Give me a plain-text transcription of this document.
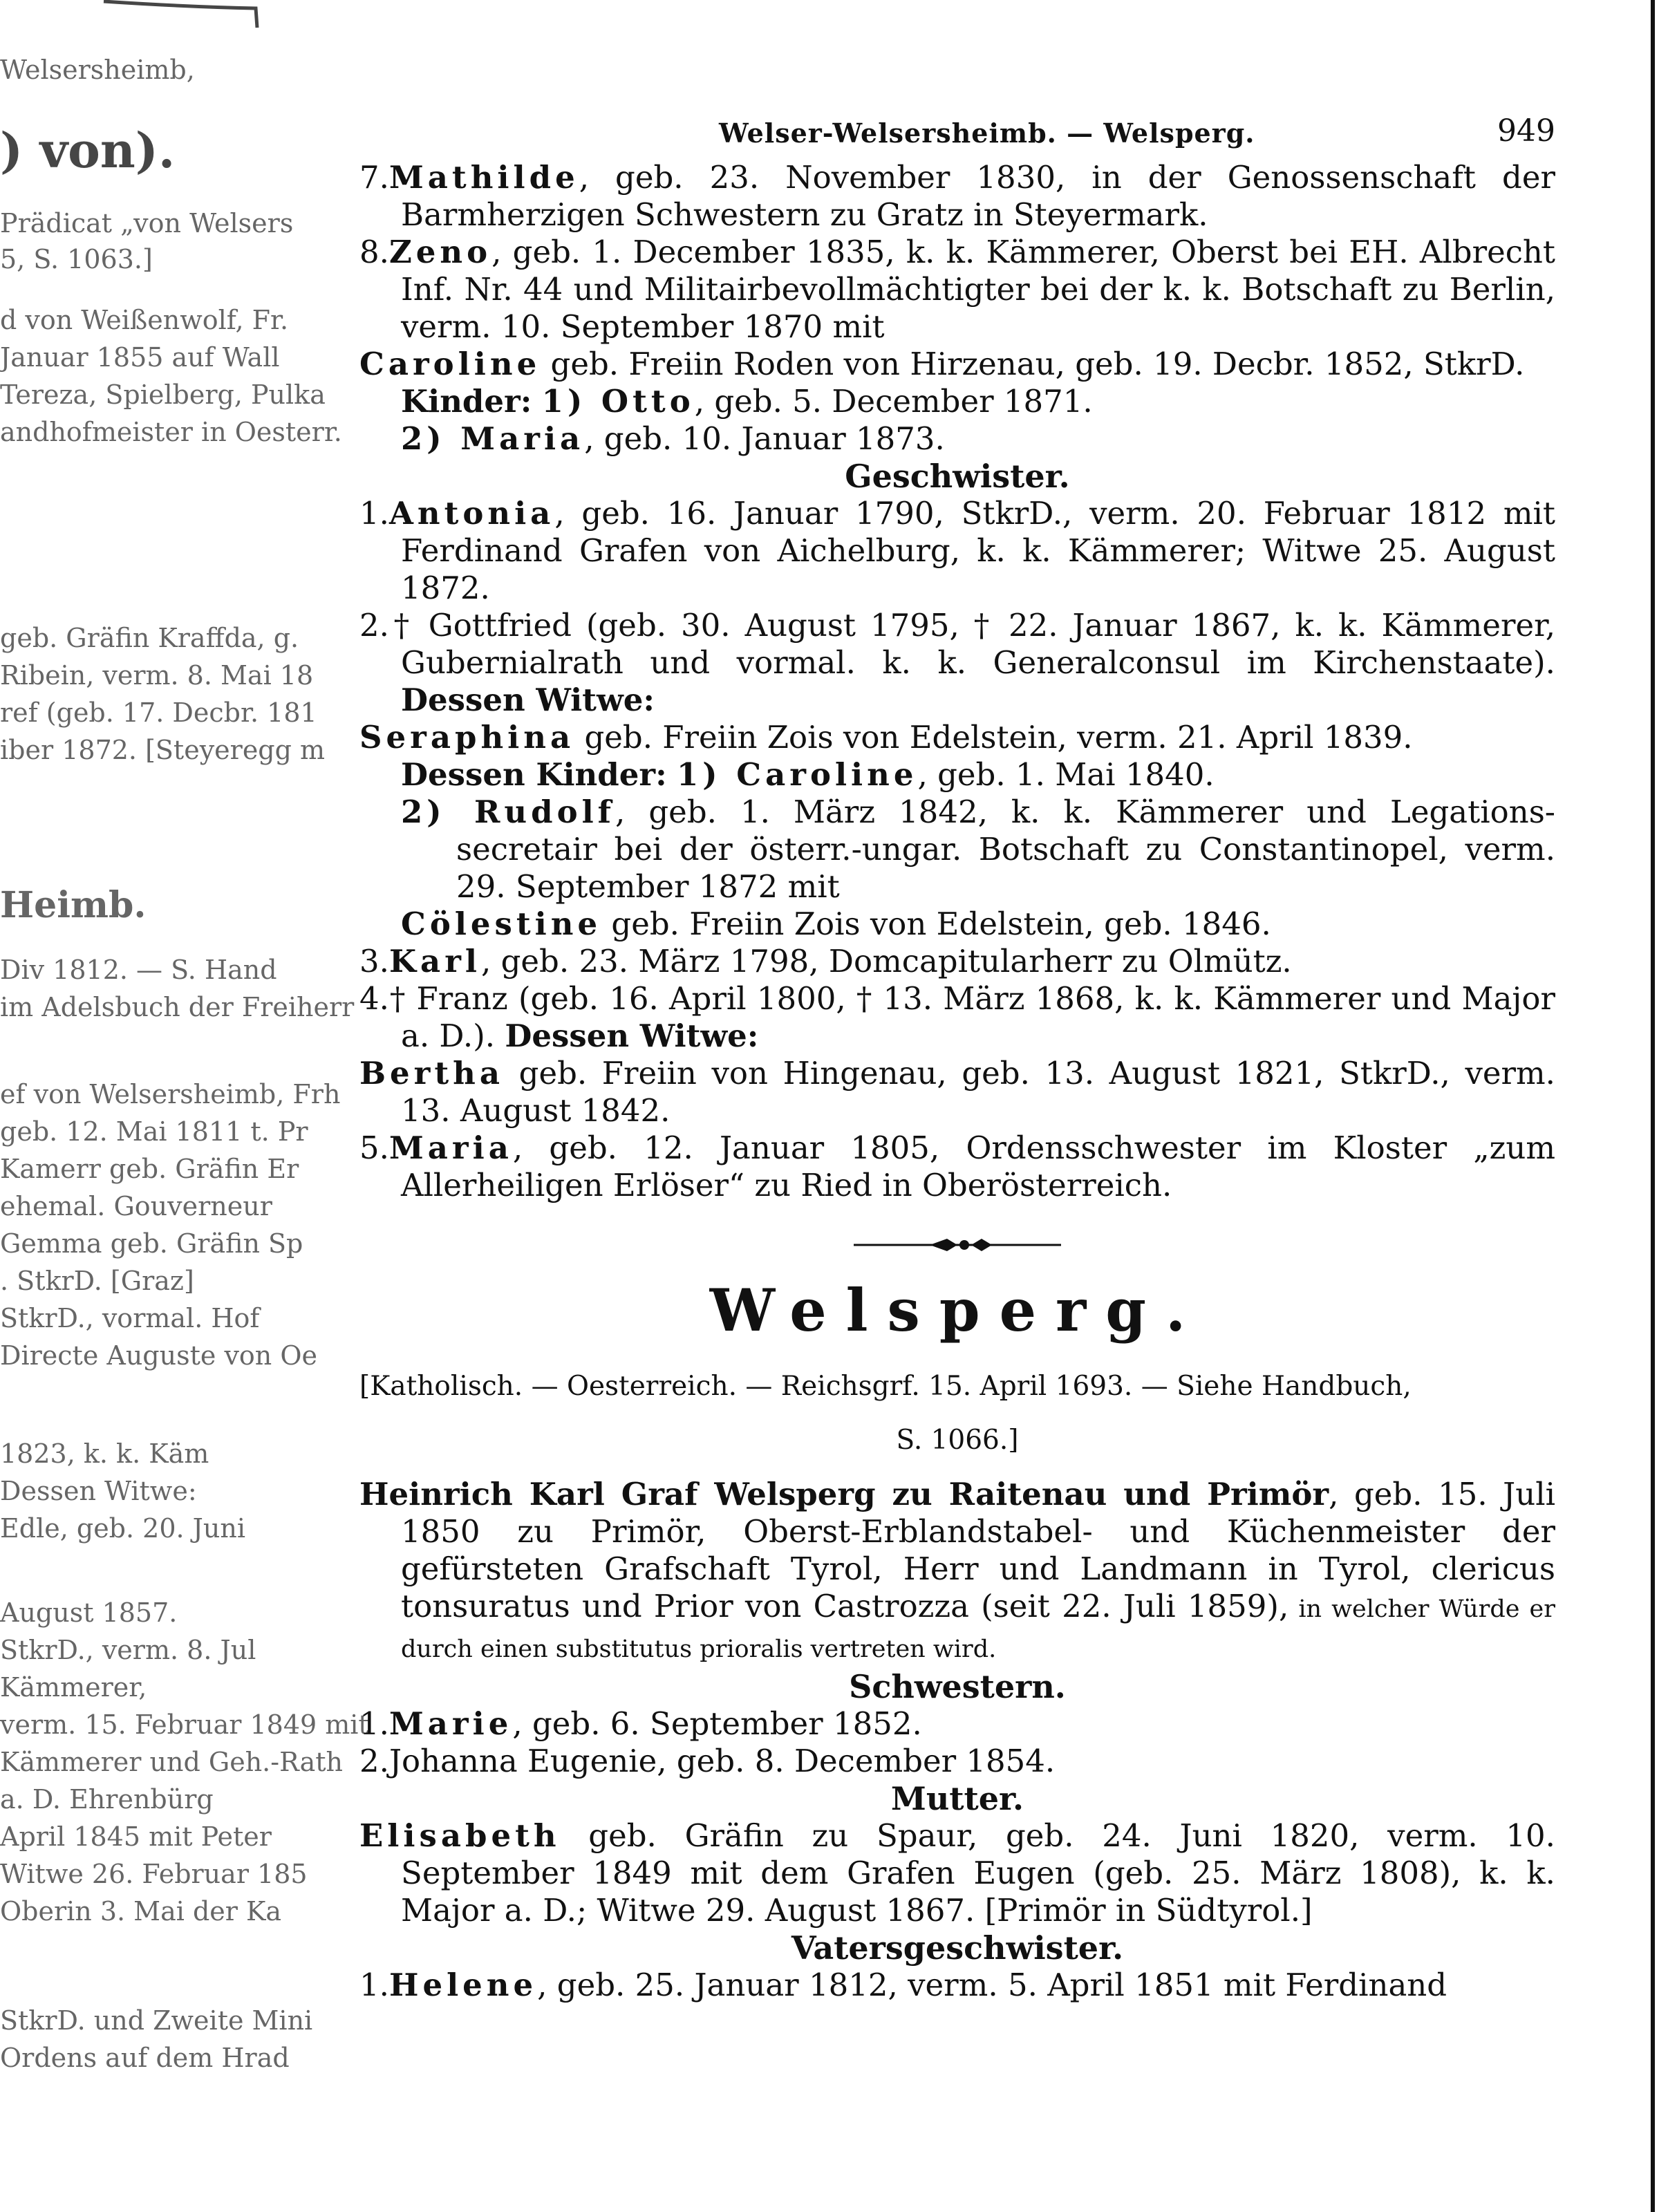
Welsersheimb,
) von).
Prädicat „von Welsers
5, S. 1063.]
d von Weißenwolf, Fr.
Januar 1855 auf Wall
Tereza, Spielberg, Pulka
andhofmeister in Oesterr.
geb. Gräfin Kraffda, g.
Ribein, verm. 8. Mai 18
ref (geb. 17. Decbr. 181
iber 1872. [Steyeregg m
Heimb.
Div 1812. — S. Hand
im Adelsbuch der Freiherr
ef von Welsersheimb, Frh
geb. 12. Mai 1811 t. Pr
Kamerr geb. Gräfin Er
ehemal. Gouverneur
Gemma geb. Gräfin Sp
. StkrD. [Graz]
StkrD., vormal. Hof
Directe Auguste von Oe
1823, k. k. Käm
Dessen Witwe:
Edle, geb. 20. Juni
August 1857.
StkrD., verm. 8. Jul
Kämmerer,
verm. 15. Februar 1849 mit
Kämmerer und Geh.-Rath
a. D. Ehrenbürg
April 1845 mit Peter
Witwe 26. Februar 185
Oberin 3. Mai der Ka
StkrD. und Zweite Mini
Ordens auf dem Hrad
Welser-Welsersheimb. — Welsperg.	949

7.Mathilde, geb. 23. November 1830, in der Genossenschaft der Barmherzigen Schwestern zu Gratz in Steyermark.

8.Zeno, geb. 1. December 1835, k. k. Kämmerer, Oberst bei EH. Albrecht Inf. Nr. 44 und Militairbevollmächtigter bei der k. k. Botschaft zu Berlin, verm. 10. September 1870 mit

Caroline geb. Freiin Roden von Hirzenau, geb. 19. Decbr. 1852, StkrD.

Kinder: 1) Otto, geb. 5. December 1871.

2) Maria, geb. 10. Januar 1873.

Geschwister.

1.Antonia, geb. 16. Januar 1790, StkrD., verm. 20. Februar 1812 mit Ferdinand Grafen von Aichelburg, k. k. Kämmerer; Witwe 25. August 1872.

2.† Gottfried (geb. 30. August 1795, † 22. Januar 1867, k. k. Kämmerer, Gubernialrath und vormal. k. k. Generalconsul im Kirchenstaate). Dessen Witwe:

Seraphina geb. Freiin Zois von Edelstein, verm. 21. April 1839.

Dessen Kinder: 1) Caroline, geb. 1. Mai 1840.

2) Rudolf, geb. 1. März 1842, k. k. Kämmerer und Legations-secretair bei der österr.-ungar. Botschaft zu Constantinopel, verm. 29. September 1872 mit

Cölestine geb. Freiin Zois von Edelstein, geb. 1846.

3.Karl, geb. 23. März 1798, Domcapitularherr zu Olmütz.

4.† Franz (geb. 16. April 1800, † 13. März 1868, k. k. Kämmerer und Major a. D.). Dessen Witwe:

Bertha geb. Freiin von Hingenau, geb. 13. August 1821, StkrD., verm. 13. August 1842.

5.Maria, geb. 12. Januar 1805, Ordensschwester im Kloster „zum Allerheiligen Erlöser“ zu Ried in Oberösterreich.

Welsperg.

[Katholisch. — Oesterreich. — Reichsgrf. 15. April 1693. — Siehe Handbuch,

S. 1066.]

Heinrich Karl Graf Welsperg zu Raitenau und Primör, geb. 15. Juli 1850 zu Primör, Oberst-Erblandstabel- und Küchenmeister der gefürsteten Grafschaft Tyrol, Herr und Landmann in Tyrol, clericus tonsuratus und Prior von Castrozza (seit 22. Juli 1859), in welcher Würde er durch einen substitutus prioralis vertreten wird.

Schwestern.

1.Marie, geb. 6. September 1852.

2.Johanna Eugenie, geb. 8. December 1854.

Mutter.

Elisabeth geb. Gräfin zu Spaur, geb. 24. Juni 1820, verm. 10. September 1849 mit dem Grafen Eugen (geb. 25. März 1808), k. k. Major a. D.; Witwe 29. August 1867. [Primör in Südtyrol.]

Vatersgeschwister.

1.Helene, geb. 25. Januar 1812, verm. 5. April 1851 mit Ferdinand
